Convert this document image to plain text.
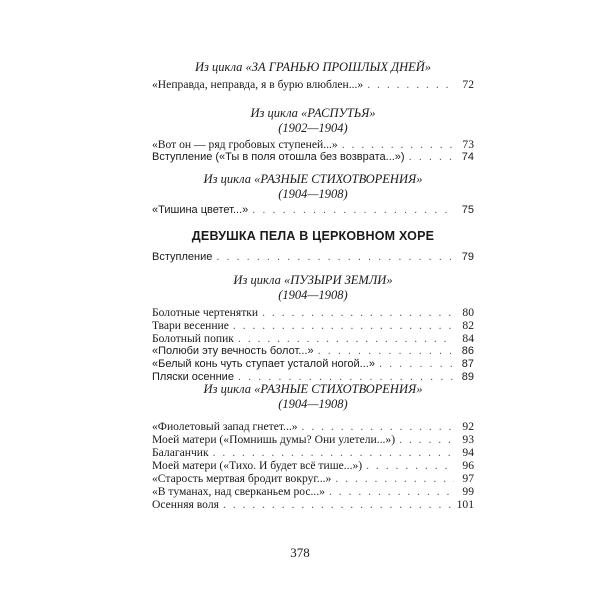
Из цикла «ЗА ГРАНЬЮ ПРОШЛЫХ ДНЕЙ»
«Неправда, неправда, я в бурю влюблен...» . . .	72
Из цикла «РАСПУТЬЯ»
(1902—1904)
«Вот он — ряд гробовых ступеней...» . . .	73
Вступление («Ты в поля отошла без возврата...») . . .	74
Из цикла «РАЗНЫЕ СТИХОТВОРЕНИЯ»
(1904—1908)
«Тишина цветет...» . . .	75
ДЕВУШКА ПЕЛА В ЦЕРКОВНОМ ХОРЕ
Вступление . . .	79
Из цикла «ПУЗЫРИ ЗЕМЛИ»
(1904—1908)
Болотные чертенятки . . .	80
Твари весенние . . .	82
Болотный попик . . .	84
«Полюби эту вечность болот...» . . .	86
«Белый конь чуть ступает усталой ногой...» . . .	87
Пляски осенние . . .	89
Из цикла «РАЗНЫЕ СТИХОТВОРЕНИЯ»
(1904—1908)
«Фиолетовый запад гнетет...» . . .	92
Моей матери («Помнишь думы? Они улетели...») . . .	93
Балаганчик . . .	94
Моей матери («Тихо. И будет всё тише...») . . .	96
«Старость мертвая бродит вокруг...» . . .	97
«В туманах, над сверканьем рос...» . . .	99
Осенняя воля . . .	101
378
